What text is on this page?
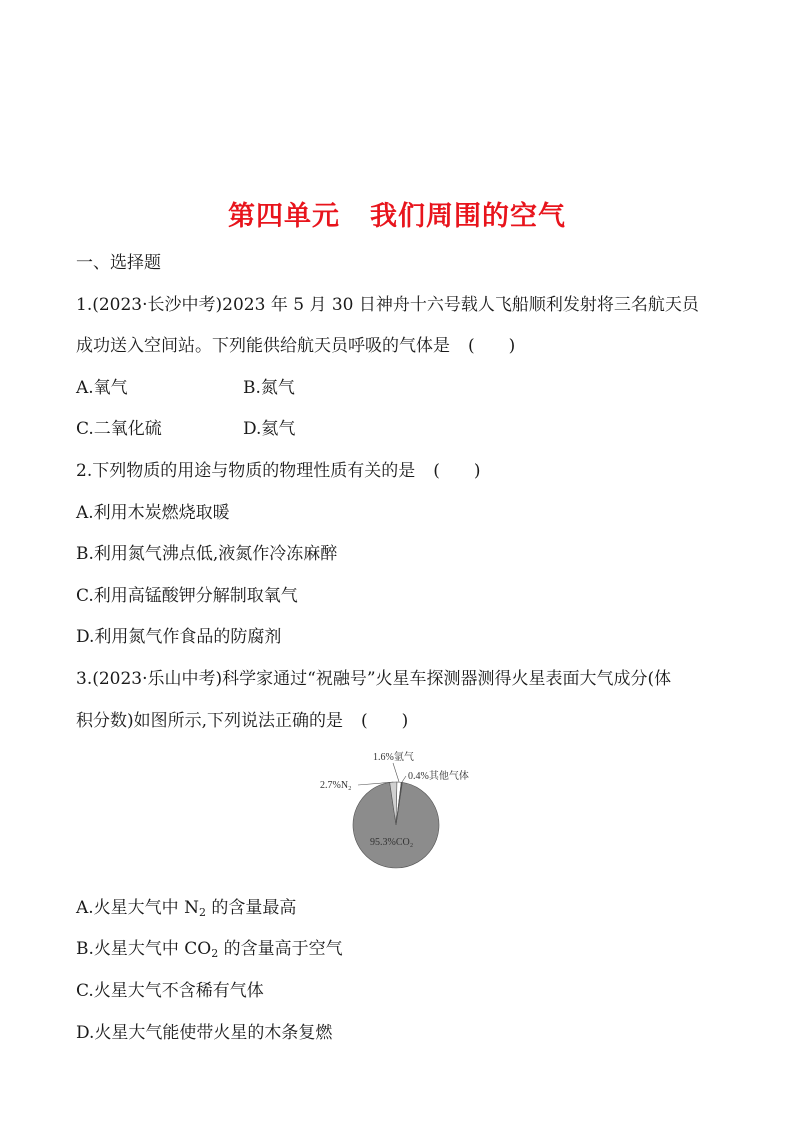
第四单元 我们周围的空气
一、选择题
1.(2023·长沙中考)2023 年 5 月 30 日神舟十六号载人飞船顺利发射将三名航天员
成功送入空间站。下列能供给航天员呼吸的气体是 (　　)
A.氧气	B.氮气
C.二氧化硫	D.氦气
2.下列物质的用途与物质的物理性质有关的是 (　　)
A.利用木炭燃烧取暖
B.利用氮气沸点低,液氮作冷冻麻醉
C.利用高锰酸钾分解制取氧气
D.利用氮气作食品的防腐剂
3.(2023·乐山中考)科学家通过“祝融号”火星车探测器测得火星表面大气成分(体
积分数)如图所示,下列说法正确的是 (　　)
95.3%CO₂
2.7%N₂
1.6%氩气
0.4%其他气体
A.火星大气中 $N_2$ 的含量最高
B.火星大气中 $CO_2$ 的含量高于空气
C.火星大气不含稀有气体
D.火星大气能使带火星的木条复燃
